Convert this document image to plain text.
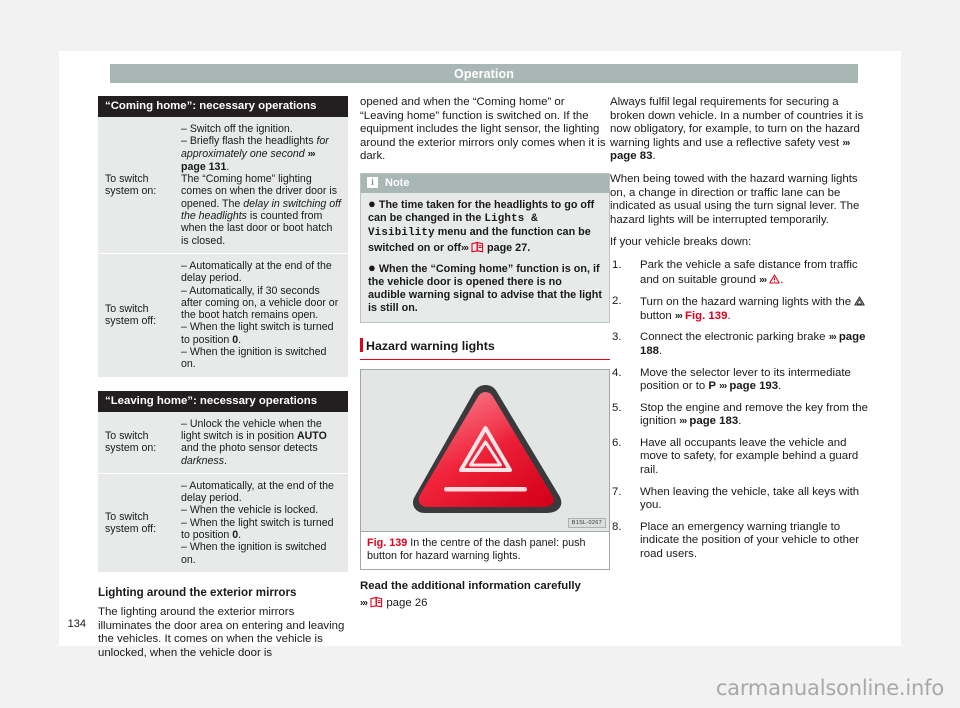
Operation
134
“Coming home”: necessary operations
To switch
system on:	– Switch off the ignition.
– Briefly flash the headlights for approximately one second ››› page 131.
The “Coming home” lighting comes on when the driver door is opened. The delay in switching off the headlights is counted from when the last door or boot hatch is closed.
To switch
system off:	– Automatically at the end of the delay period.
– Automatically, if 30 seconds after coming on, a vehicle door or the boot hatch remains open.
– When the light switch is turned to position 0.
– When the ignition is switched on.
“Leaving home”: necessary operations
To switch
system on:	– Unlock the vehicle when the light switch is in position AUTO and the photo sensor detects darkness.
To switch
system off:	– Automatically, at the end of the delay period.
– When the vehicle is locked.
– When the light switch is turned to position 0.
– When the ignition is switched on.
Lighting around the exterior mirrors

The lighting around the exterior mirrors illuminates the door area on entering and leaving the vehicles. It comes on when the vehicle is unlocked, when the vehicle door is

opened and when the “Coming home” or “Leaving home” function is switched on. If the equipment includes the light sensor, the lighting around the exterior mirrors only comes when it is dark.

i	Note

● The time taken for the headlights to go off can be changed in the Lights & Visibility menu and the function can be switched on or off››› page 27.

● When the “Coming home” function is on, if the vehicle door is opened there is no audible warning signal to advise that the light is still on.

Hazard warning lights
B1SL-0267
Fig. 139 In the centre of the dash panel: push button for hazard warning lights.

Read the additional information carefully

››› page 26

Always fulfil legal requirements for securing a broken down vehicle. In a number of countries it is now obligatory, for example, to turn on the hazard warning lights and use a reflective safety vest ››› page 83.

When being towed with the hazard warning lights on, a change in direction or traffic lane can be indicated as usual using the turn signal lever. The hazard lights will be interrupted temporarily.

If your vehicle breaks down:

1. Park the vehicle a safe distance from traffic and on suitable ground ››› .
2. Turn on the hazard warning lights with the
button ››› Fig. 139.
3. Connect the electronic parking brake ››› page 188.
4. Move the selector lever to its intermediate position or to P ››› page 193.
5. Stop the engine and remove the key from the ignition ››› page 183.
6. Have all occupants leave the vehicle and move to safety, for example behind a guard rail.
7. When leaving the vehicle, take all keys with you.
8. Place an emergency warning triangle to indicate the position of your vehicle to other road users.
carmanualsonline.info
